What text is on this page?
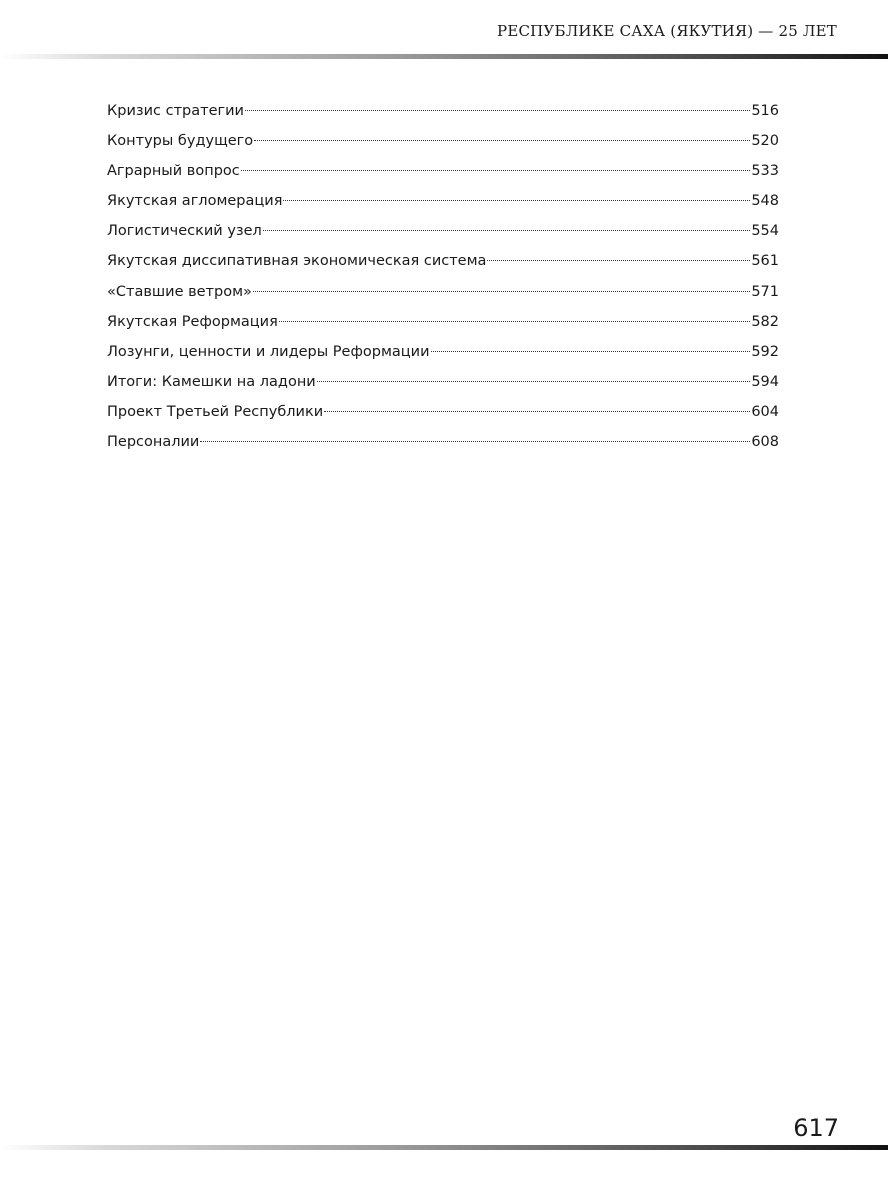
РЕСПУБЛИКЕ САХА (ЯКУТИЯ) — 25 ЛЕТ
Кризис стратегии	516
Контуры будущего	520
Аграрный вопрос	533
Якутская агломерация	548
Логистический узел	554
Якутская диссипативная экономическая система	561
«Ставшие ветром»	571
Якутская Реформация	582
Лозунги, ценности и лидеры Реформации	592
Итоги: Камешки на ладони	594
Проект Третьей Республики	604
Персоналии	608
617
